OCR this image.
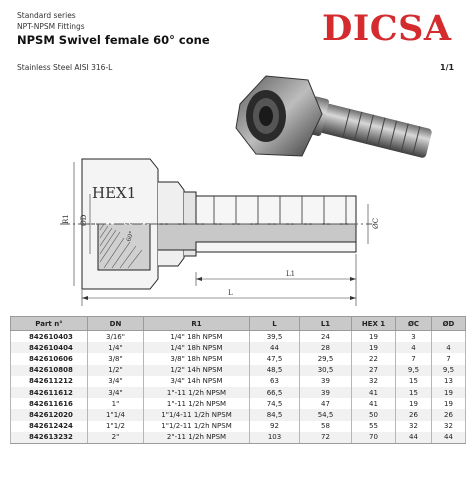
Standard series
NPT-NPSM Fittings
NPSM Swivel female 60° cone	DICSA
Stainless Steel AISI 316-L	1/1
HEX1
R1 ØD
60°
ØC
L1
L
Part n°	DN	R1	L	L1	HEX 1	ØC	ØD
842610403	3/16"	1/4" 18h NPSM	39,5	24	19	3	
842610404	1/4"	1/4" 18h NPSM	44	28	19	4	4
842610606	3/8"	3/8" 18h NPSM	47,5	29,5	22	7	7
842610808	1/2"	1/2" 14h NPSM	48,5	30,5	27	9,5	9,5
842611212	3/4"	3/4" 14h NPSM	63	39	32	15	13
842611612	3/4"	1"-11 1/2h NPSM	66,5	39	41	15	19
842611616	1"	1"-11 1/2h NPSM	74,5	47	41	19	19
842612020	1"1/4	1"1/4-11 1/2h NPSM	84,5	54,5	50	26	26
842612424	1"1/2	1"1/2-11 1/2h NPSM	92	58	55	32	32
842613232	2"	2"-11 1/2h NPSM	103	72	70	44	44
